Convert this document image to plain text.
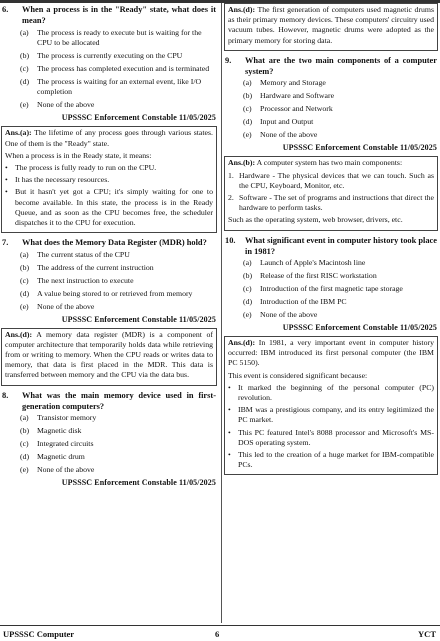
6.	When a process is in the "Ready" state, what does it mean?
(a)	The process is ready to execute but is waiting for the CPU to be allocated
(b)	The process is currently executing on the CPU
(c)	The process has completed execution and is terminated
(d)	The process is waiting for an external event, like I/O completion
(e)	None of the above
UPSSSC Enforcement Constable 11/05/2025

Ans.(a): The lifetime of any process goes through various states. One of them is the "Ready" state.

When a process is in the Ready state, it means:

• The process is fully ready to run on the CPU.
• It has the necessary resources.
• But it hasn't yet got a CPU; it's simply waiting for one to become available. In this state, the process is in the Ready Queue, and as soon as the CPU becomes free, the scheduler dispatches it to the CPU for execution.
7.	What does the Memory Data Register (MDR) hold?
(a)	The current status of the CPU
(b)	The address of the current instruction
(c)	The next instruction to execute
(d)	A value being stored to or retrieved from memory
(e)	None of the above
UPSSSC Enforcement Constable 11/05/2025

Ans.(d): A memory data register (MDR) is a component of computer architecture that temporarily holds data while retrieving from or writing to memory. When the CPU reads or writes data to memory, that data is first placed in the MDR. This data is transferred between memory and the CPU via the data bus.

8.	What was the main memory device used in first-generation computers?
(a)	Transistor memory
(b)	Magnetic disk
(c)	Integrated circuits
(d)	Magnetic drum
(e)	None of the above
UPSSSC Enforcement Constable 11/05/2025

Ans.(d): The first generation of computers used magnetic drums as their primary memory devices. These computers' circuitry used vacuum tubes. However, magnetic drums were adopted as the primary memory for storing data.

9.	What are the two main components of a computer system?
(a)	Memory and Storage
(b)	Hardware and Software
(c)	Processor and Network
(d)	Input and Output
(e)	None of the above
UPSSSC Enforcement Constable 11/05/2025

Ans.(b): A computer system has two main components:

1. Hardware - The physical devices that we can touch. Such as the CPU, Keyboard, Monitor, etc.
2. Software - The set of programs and instructions that direct the hardware to perform tasks.

Such as the operating system, web browser, drivers, etc.

10.	What significant event in computer history took place in 1981?
(a)	Launch of Apple's Macintosh line
(b)	Release of the first RISC workstation
(c)	Introduction of the first magnetic tape storage
(d)	Introduction of the IBM PC
(e)	None of the above
UPSSSC Enforcement Constable 11/05/2025

Ans.(d): In 1981, a very important event in computer history occurred: IBM introduced its first personal computer (the IBM PC 5150).

This event is considered significant because:

• It marked the beginning of the personal computer (PC) revolution.
• IBM was a prestigious company, and its entry legitimized the PC market.
• This PC featured Intel's 8088 processor and Microsoft's MS-DOS operating system.
• This led to the creation of a huge market for IBM-compatible PCs.
UPSSSC Computer	6	YCT
